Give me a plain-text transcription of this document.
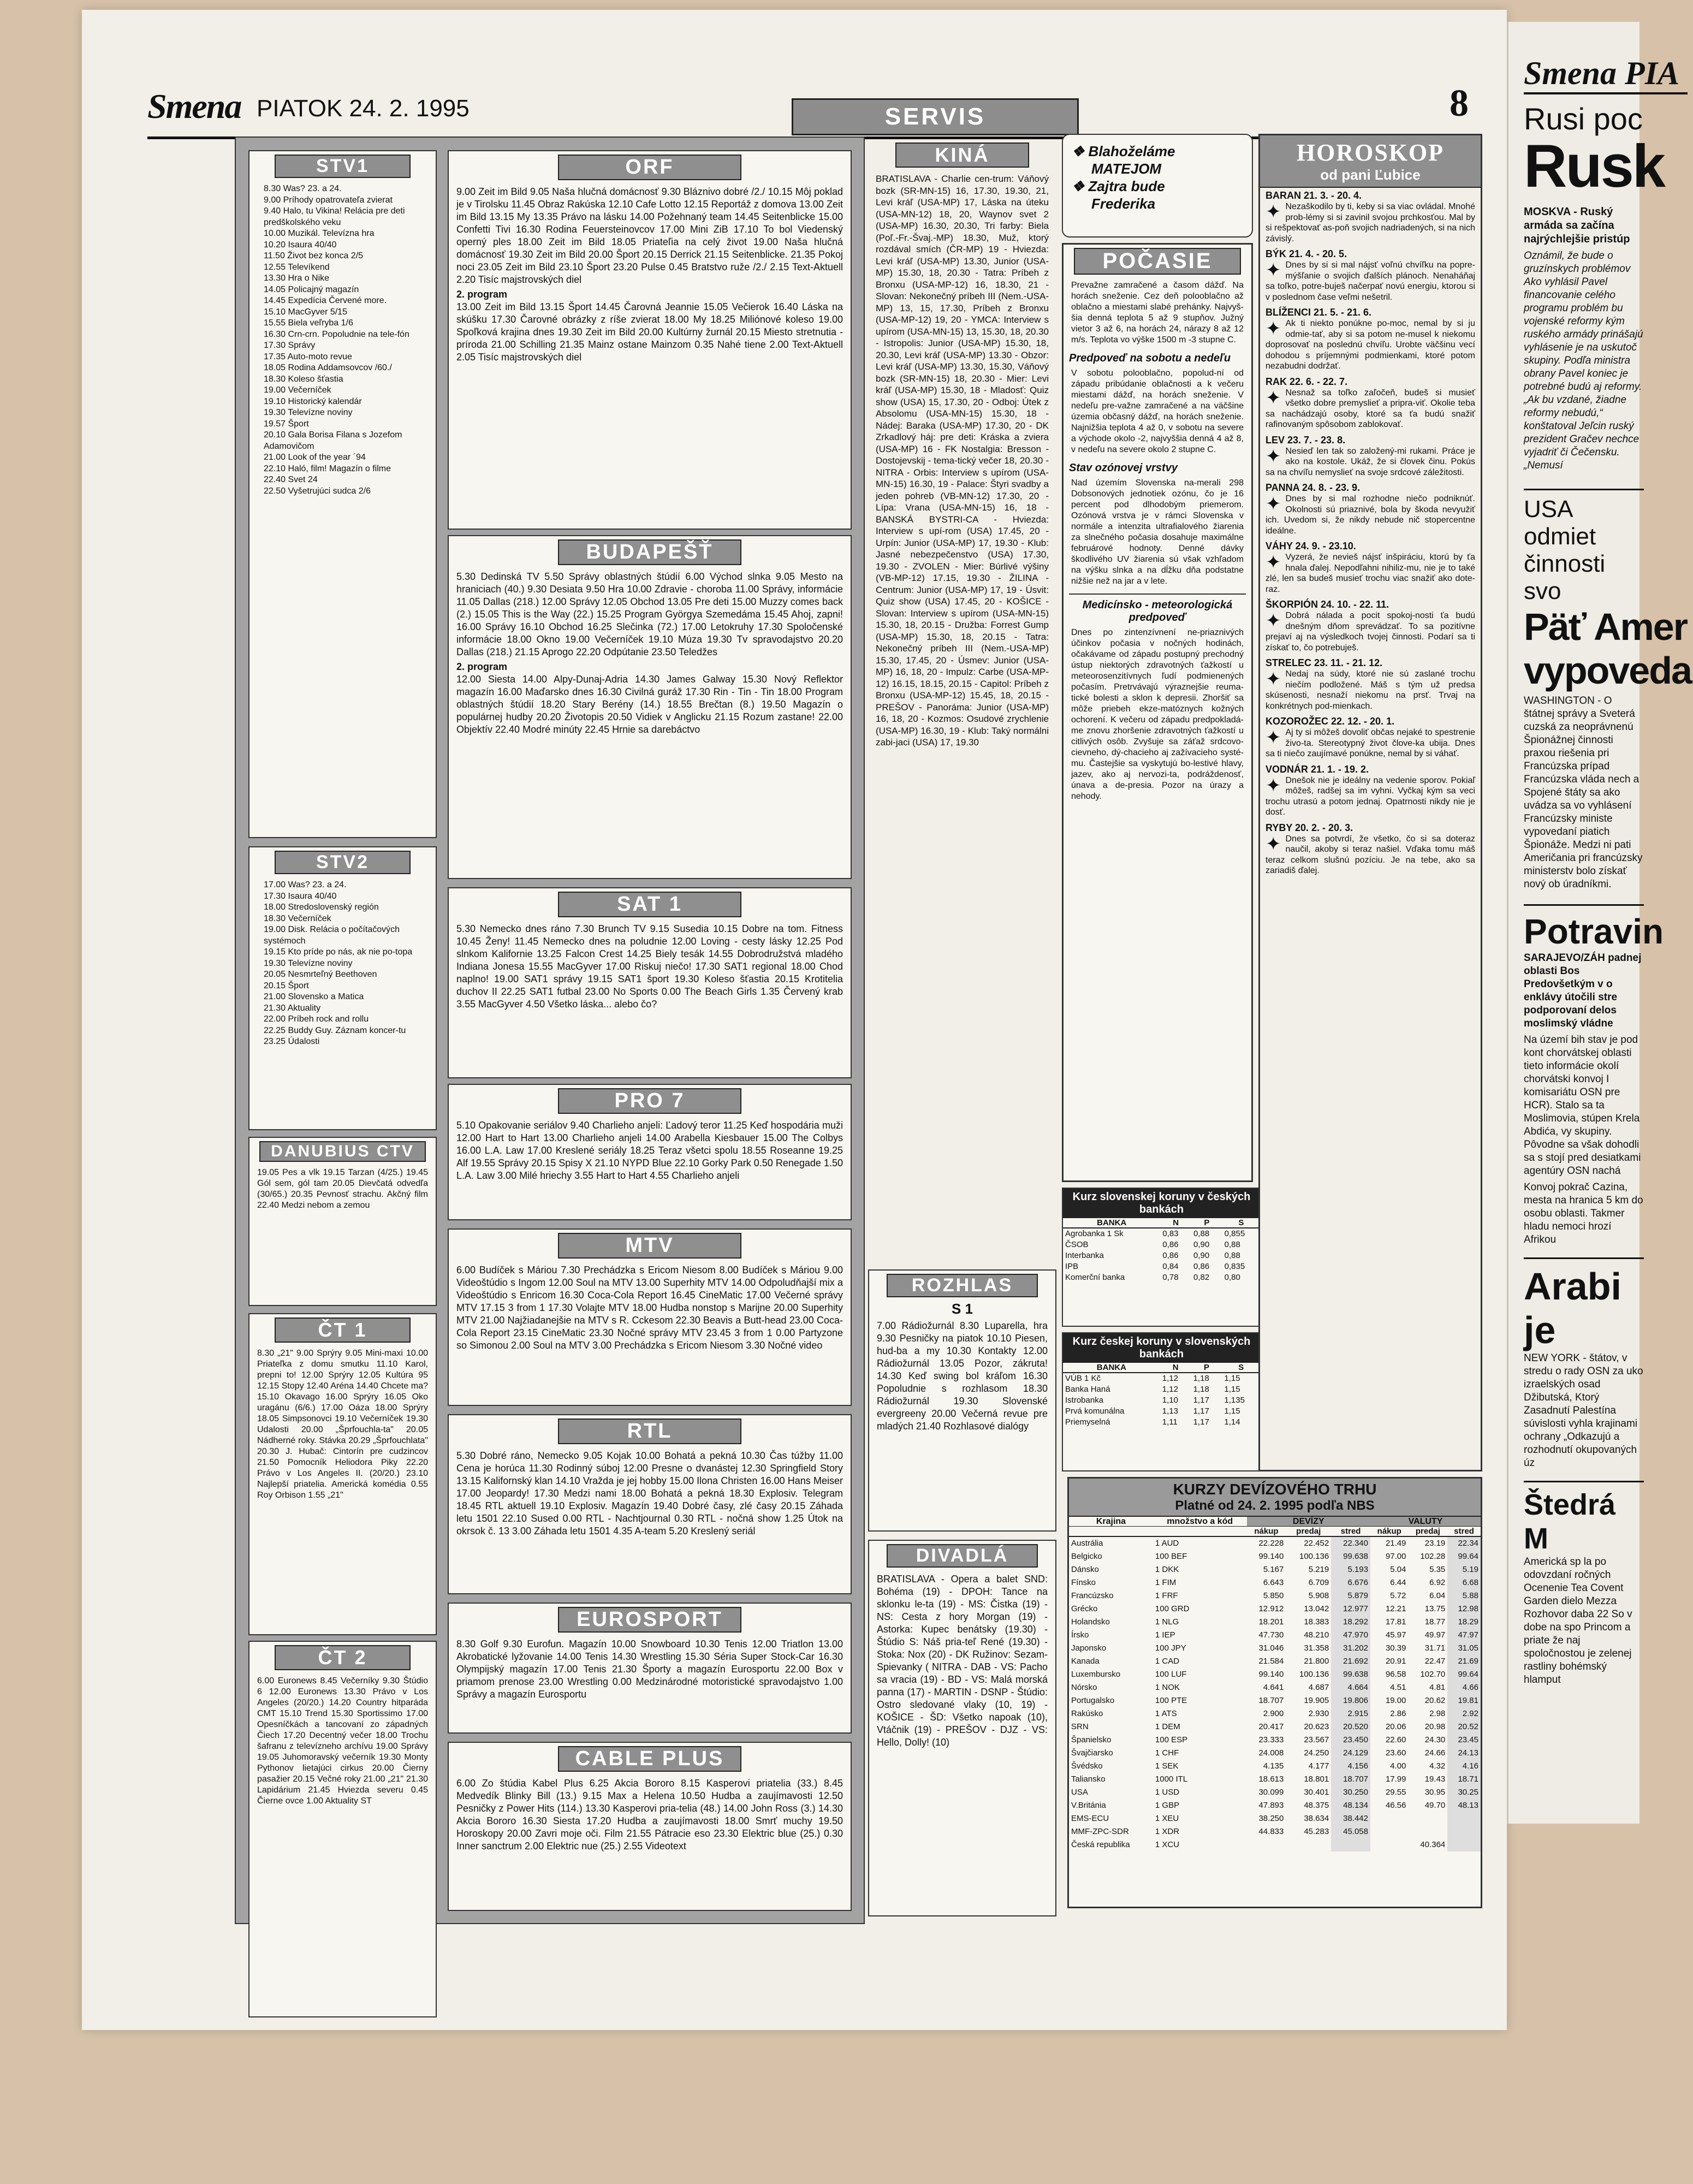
Smena PIA
Rusi poc
Rusk
MOSKVA - Ruský armáda sa začína najrýchlejšie pristúp
Oznámil, že bude o gruzínskych problémov Ako vyhlásil Pavel financovanie celého programu problém bu vojenské reformy kým ruského armády prinášajú vyhlásenie je na uskutoč skupiny. Podľa ministra obrany Pavel koniec je potrebné budú aj reformy. „Ak bu vzdané, žiadne reformy nebudú,“ konštatoval Jeľcin ruský prezident Gračev nechce vyjadriť či Čečensku.„Nemusí
USA odmiet činnosti svo
Päť Amer vypoveda
WASHINGTON - O štátnej správy a Sveterá cuzská za neoprávnenú Špionážnej činnosti praxou riešenia pri Francúzska prípad Francúzska vláda nech a Spojené štáty sa ako uvádza sa vo vyhlásení Francúzsky ministe vypovedaní piatich Špionáže. Medzi ni pati Američania pri francúzsky ministerstv bolo získať nový ob úradníkmi.
Potravin
SARAJEVO/ZÁH padnej oblasti Bos Predovšetkým v o enklávy útočili stre podporovaní delos moslimský vládne
Na území bih stav je pod kont chorvátskej oblasti tieto informácie okolí chorvátski konvoj I komisariátu OSN pre HCR). Stalo sa ta Moslimovia, stúpen Krela Abdića, vy skupiny. Pôvodne sa však dohodli sa s stojí pred desiatkami agentúry OSN nachá
Konvoj pokrač Cazina, mesta na hranica 5 km do osobu oblasti. Takmer hladu nemoci hrozí Afrikou
Arabi je
NEW YORK - štátov, v stredu o rady OSN za uko izraelských osad Džibutská, Ktorý Zasadnutí Palestína súvislosti vyhla krajinami ochrany „Odkazujú a rozhodnutí okupovaných úz
Štedrá M
Americká sp la po odovzdaní ročných Ocenenie Tea Covent Garden dielo Mezza Rozhovor daba 22 So v dobe na spo Princom a priate že naj spoločnostou je zelenej rastliny bohémský hlamput
Smena PIATOK 24. 2. 1995	SERVIS	8
STV1
8.30 Was? 23. a 24.
9.00 Príhody opatrovateľa zvierat
9.40 Halo, tu Vikina! Relácia pre deti predškolského veku
10.00 Muzikál. Televízna hra
10.20 Isaura 40/40
11.50 Život bez konca 2/5
12.55 Televíkend
13.30 Hra o Nike
14.05 Policajný magazín
14.45 Expedícia Červené more.
15.10 MacGyver 5/15
15.55 Biela veľryba 1/6
16.30 Crn-crn. Popoludnie na tele-fón
17.30 Správy
17.35 Auto-moto revue
18.05 Rodina Addamsovcov /60./
18.30 Koleso šťastia
19.00 Večerníček
19.10 Historický kalendár
19.30 Televízne noviny
19.57 Šport
20.10 Gala Borisa Filana s Jozefom Adamovičom
21.00 Look of the year ´94
22.10 Haló, film! Magazín o filme
22.40 Svet 24
22.50 Vyšetrujúci sudca 2/6
STV2
17.00 Was? 23. a 24.
17.30 Isaura 40/40
18.00 Stredoslovenský región
18.30 Večerníček
19.00 Disk. Relácia o počítačových systémoch
19.15 Kto príde po nás, ak nie po-topa
19.30 Televízne noviny
20.05 Nesmrteľný Beethoven
20.15 Šport
21.00 Slovensko a Matica
21.30 Aktuality
22.00 Príbeh rock and rollu
22.25 Buddy Guy. Záznam koncer-tu
23.25 Údalosti
DANUBIUS CTV
19.05 Pes a vlk 19.15 Tarzan (4/25.) 19.45 Gól sem, gól tam 20.05 Dievčatá odvedľa (30/65.) 20.35 Pevnosť strachu. Akčný film 22.40 Medzi nebom a zemou
ČT 1
8.30 „21" 9.00 Sprýry 9.05 Mini-maxi 10.00 Priateľka z domu smutku 11.10 Karol, prepni to! 12.00 Sprýry 12.05 Kultúra 95 12.15 Stopy 12.40 Aréna 14.40 Chcete ma? 15.10 Okavago 16.00 Sprýry 16.05 Oko uragánu (6/6.) 17.00 Oáza 18.00 Sprýry 18.05 Simpsonovci 19.10 Večerníček 19.30 Udalosti 20.00 „Šprfouchla-ta" 20.05 Nádherné roky. Stávka 20.29 „Šprfouchlata" 20.30 J. Hubač: Cintorín pre cudzincov 21.50 Pomocník Heliodora Piky 22.20 Právo v Los Angeles II. (20/20.) 23.10 Najlepší priatelia. Americká komédia 0.55 Roy Orbison 1.55 „21"
ČT 2
6.00 Euronews 8.45 Večerníky 9.30 Štúdio 6 12.00 Euronews 13.30 Právo v Los Angeles (20/20.) 14.20 Country hitparáda CMT 15.10 Trend 15.30 Sportissimo 17.00 Opesníčkách a tancovaní zo západných Čiech 17.20 Decentný večer 18.00 Trochu šafranu z televízneho archívu 19.00 Správy 19.05 Juhomoravský večerník 19.30 Monty Pythonov lietajúci cirkus 20.00 Čierny pasažier 20.15 Večné roky 21.00 „21" 21.30 Lapidárium 21.45 Hviezda severu 0.45 Čierne ovce 1.00 Aktuality ST
ORF
9.00 Zeit im Bild 9.05 Naša hlučná domácnosť 9.30 Bláznivo dobré /2./ 10.15 Môj poklad je v Tirolsku 11.45 Obraz Rakúska 12.10 Cafe Lotto 12.15 Reportáž z domova 13.00 Zeit im Bild 13.15 My 13.35 Právo na lásku 14.00 Požehnaný team 14.45 Seitenblicke 15.00 Confetti Tivi 16.30 Rodina Feuersteinovcov 17.00 Mini ZiB 17.10 To bol Viedenský operný ples 18.00 Zeit im Bild 18.05 Priateľia na celý život 19.00 Naša hlučná domácnosť 19.30 Zeit im Bild 20.00 Šport 20.15 Derrick 21.15 Seitenblicke. 21.35 Pokoj noci 23.05 Zeit im Bild 23.10 Šport 23.20 Pulse 0.45 Bratstvo ruže /2./ 2.15 Text-Aktuell 2.20 Tisíc majstrovských diel
2. program
13.00 Zeit im Bild 13.15 Šport 14.45 Čarovná Jeannie 15.05 Večierok 16.40 Láska na skúšku 17.30 Čarovné obrázky z ríše zvierat 18.00 My 18.25 Miliónové koleso 19.00 Spoľková krajina dnes 19.30 Zeit im Bild 20.00 Kultúrny žurnál 20.15 Miesto stretnutia - príroda 21.00 Schilling 21.35 Mainz ostane Mainzom 0.35 Nahé tiene 2.00 Text-Aktuell 2.05 Tisíc majstrovských diel
BUDAPEŠŤ
5.30 Dedinská TV 5.50 Správy oblastných štúdií 6.00 Východ slnka 9.05 Mesto na hraniciach (40.) 9.30 Desiata 9.50 Hra 10.00 Zdravie - choroba 11.00 Správy, informácie 11.05 Dallas (218.) 12.00 Správy 12.05 Obchod 13.05 Pre deti 15.00 Muzzy comes back (2.) 15.05 This is the Way (22.) 15.25 Program Györgya Szemedáma 15.45 Ahoj, zapni! 16.00 Správy 16.10 Obchod 16.25 Slečinka (72.) 17.00 Letokruhy 17.30 Spoločenské informácie 18.00 Okno 19.00 Večerníček 19.10 Múza 19.30 Tv spravodajstvo 20.20 Dallas (218.) 21.15 Aprogo 22.20 Odpútanie 23.50 Teledžes
2. program
12.00 Siesta 14.00 Alpy-Dunaj-Adria 14.30 James Galway 15.30 Nový Reflektor magazín 16.00 Maďarsko dnes 16.30 Civilná guráž 17.30 Rin - Tin - Tin 18.00 Program oblastných štúdií 18.20 Stary Berény (14.) 18.55 Brečtan (8.) 19.50 Magazín o populárnej hudby 20.20 Životopis 20.50 Vidiek v Anglicku 21.15 Rozum zastane! 22.00 Objektív 22.40 Modré minúty 22.45 Hrnie sa darebáctvo
SAT 1
5.30 Nemecko dnes ráno 7.30 Brunch TV 9.15 Susedia 10.15 Dobre na tom. Fitness 10.45 Ženy! 11.45 Nemecko dnes na poludnie 12.00 Loving - cesty lásky 12.25 Pod slnkom Kalifornie 13.25 Falcon Crest 14.25 Biely tesák 14.55 Dobrodružstvá mladého Indiana Jonesa 15.55 MacGyver 17.00 Riskuj niečo! 17.30 SAT1 regional 18.00 Chod naplno! 19.00 SAT1 správy 19.15 SAT1 šport 19.30 Koleso šťastia 20.15 Krotitelia duchov II 22.25 SAT1 futbal 23.00 No Sports 0.00 The Beach Girls 1.35 Červený krab 3.55 MacGyver 4.50 Všetko láska... alebo čo?
PRO 7
5.10 Opakovanie seriálov 9.40 Charlieho anjeli: Ľadový teror 11.25 Keď hospodária muži 12.00 Hart to Hart 13.00 Charlieho anjeli 14.00 Arabella Kiesbauer 15.00 The Colbys 16.00 L.A. Law 17.00 Kreslené seriály 18.25 Teraz všetci spolu 18.55 Roseanne 19.25 Alf 19.55 Správy 20.15 Spisy X 21.10 NYPD Blue 22.10 Gorky Park 0.50 Renegade 1.50 L.A. Law 3.00 Milé hriechy 3.55 Hart to Hart 4.55 Charlieho anjeli
MTV
6.00 Budíček s Máriou 7.30 Prechádzka s Ericom Niesom 8.00 Budíček s Máriou 9.00 Videoštúdio s Ingom 12.00 Soul na MTV 13.00 Superhity MTV 14.00 Odpoludňajší mix a Videoštúdio s Enricom 16.30 Coca-Cola Report 16.45 CineMatic 17.00 Večerné správy MTV 17.15 3 from 1 17.30 Volajte MTV 18.00 Hudba nonstop s Marijne 20.00 Superhity MTV 21.00 Najžiadanejšie na MTV s R. Cckesom 22.30 Beavis a Butt-head 23.00 Coca-Cola Report 23.15 CineMatic 23.30 Nočné správy MTV 23.45 3 from 1 0.00 Partyzone so Simonou 2.00 Soul na MTV 3.00 Prechádzka s Ericom Niesom 3.30 Nočné video
RTL
5.30 Dobré ráno, Nemecko 9.05 Kojak 10.00 Bohatá a pekná 10.30 Čas túžby 11.00 Cena je horúca 11.30 Rodinný súboj 12.00 Presne o dvanástej 12.30 Springfield Story 13.15 Kalifornský klan 14.10 Vražda je jej hobby 15.00 Ilona Christen 16.00 Hans Meiser 17.00 Jeopardy! 17.30 Medzi nami 18.00 Bohatá a pekná 18.30 Explosiv. Telegram 18.45 RTL aktuell 19.10 Explosiv. Magazín 19.40 Dobré časy, zlé časy 20.15 Záhada letu 1501 22.10 Sused 0.00 RTL - Nachtjournal 0.30 RTL - nočná show 1.25 Útok na okrsok č. 13 3.00 Záhada letu 1501 4.35 A-team 5.20 Kreslený seriál
EUROSPORT
8.30 Golf 9.30 Eurofun. Magazín 10.00 Snowboard 10.30 Tenis 12.00 Triatlon 13.00 Akrobatické lyžovanie 14.00 Tenis 14.30 Wrestling 15.30 Séria Super Stock-Car 16.30 Olympijský magazín 17.00 Tenis 21.30 Športy a magazín Eurosportu 22.00 Box v priamom prenose 23.00 Wrestling 0.00 Medzinárodné motoristické spravodajstvo 1.00 Správy a magazín Eurosportu
CABLE PLUS
6.00 Zo štúdia Kabel Plus 6.25 Akcia Bororo 8.15 Kasperovi priatelia (33.) 8.45 Medvedík Blinky Bill (13.) 9.15 Max a Helena 10.50 Hudba a zaujímavosti 12.50 Pesničky z Power Hits (114.) 13.30 Kasperovi pria-telia (48.) 14.00 John Ross (3.) 14.30 Akcia Bororo 16.30 Siesta 17.20 Hudba a zaujímavosti 18.00 Smrť muchy 19.50 Horoskopy 20.00 Zavri moje oči. Film 21.55 Pátracie eso 23.30 Elektric blue (25.) 0.30 Inner sanctrum 2.00 Elektric nue (25.) 2.55 Videotext
KINÁ
BRATISLAVA - Charlie cen-trum: Váňový bozk (SR-MN-15) 16, 17.30, 19.30, 21, Levi kráľ (USA-MP) 17, Láska na úteku (USA-MN-12) 18, 20, Waynov svet 2 (USA-MP) 16.30, 20.30, Tri farby: Biela (Poľ.-Fr.-Švaj.-MP) 18.30, Muž, ktorý rozdával smích (ČR-MP) 19 - Hviezda: Levi kráľ (USA-MP) 13.30, Junior (USA-MP) 15.30, 18, 20.30 - Tatra: Príbeh z Bronxu (USA-MP-12) 16, 18.30, 21 - Slovan: Nekonečný príbeh III (Nem.-USA-MP) 13, 15, 17.30, Príbeh z Bronxu (USA-MP-12) 19, 20 - YMCA: Interview s upírom (USA-MN-15) 13, 15.30, 18, 20.30 - Istropolis: Junior (USA-MP) 15.30, 18, 20.30, Levi kráľ (USA-MP) 13.30 - Obzor: Levi kráľ (USA-MP) 13.30, 15.30, Váňový bozk (SR-MN-15) 18, 20.30 - Mier: Levi kráľ (USA-MP) 15.30, 18 - Mladosť: Quiz show (USA) 15, 17.30, 20 - Odboj: Útek z Absolomu (USA-MN-15) 15.30, 18 - Nádej: Baraka (USA-MP) 17.30, 20 - DK Zrkadlový háj: pre deti: Kráska a zviera (USA-MP) 16 - FK Nostalgia: Bresson - Dostojevskij - tema-tický večer 18, 20.30 - NITRA - Orbis: Interview s upírom (USA-MN-15) 16.30, 19 - Palace: Štyri svadby a jeden pohreb (VB-MN-12) 17.30, 20 - Lípa: Vrana (USA-MN-15) 16, 18 - BANSKÁ BYSTRI-CA - Hviezda: Interview s upí-rom (USA) 17.45, 20 - Urpín: Junior (USA-MP) 17, 19.30 - Klub: Jasné nebezpečenstvo (USA) 17.30, 19.30 - ZVOLEN - Mier: Búrlivé výšiny (VB-MP-12) 17.15, 19.30 - ŽILINA - Centrum: Junior (USA-MP) 17, 19 - Úsvit: Quiz show (USA) 17.45, 20 - KOŠICE - Slovan: Interview s upírom (USA-MN-15) 15.30, 18, 20.15 - Družba: Forrest Gump (USA-MP) 15.30, 18, 20.15 - Tatra: Nekonečný príbeh III (Nem.-USA-MP) 15.30, 17.45, 20 - Úsmev: Junior (USA-MP) 16, 18, 20 - Impulz: Carbe (USA-MP-12) 16.15, 18.15, 20.15 - Capitol: Príbeh z Bronxu (USA-MP-12) 15.45, 18, 20.15 - PREŠOV - Panoráma: Junior (USA-MP) 16, 18, 20 - Kozmos: Osudové zrychlenie (USA-MP) 16.30, 19 - Klub: Taký normálni zabi-jaci (USA) 17, 19.30
ROZHLAS
S 1
7.00 Rádiožurnál 8.30 Luparella, hra 9.30 Pesničky na piatok 10.10 Piesen, hud-ba a my 10.30 Kontakty 12.00 Rádiožurnál 13.05 Pozor, zákruta! 14.30 Keď swing bol kráľom 16.30 Popoludnie s rozhlasom 18.30 Rádiožurnál 19.30 Slovenské evergreeny 20.00 Večerná revue pre mladých 21.40 Rozhlasové dialógy
DIVADLÁ
BRATISLAVA - Opera a balet SND: Bohéma (19) - DPOH: Tance na sklonku le-ta (19) - MS: Čistka (19) - NS: Cesta z hory Morgan (19) - Astorka: Kupec benátsky (19.30) - Štúdio S: Náš pria-teľ René (19.30) - Stoka: Nox (20) - DK Ružinov: Sezam-Spievanky ( NITRA - DAB - VS: Pacho sa vracia (19) - BD - VS: Malá morská panna (17) - MARTIN - DSNP - Štúdio: Ostro sledované vlaky (10, 19) - KOŠICE - ŠD: Všetko napoak (10), Vtáčnik (19) - PREŠOV - DJZ - VS: Hello, Dolly! (10)
❖ Blahoželáme
MATEJOM
❖ Zajtra bude
Frederika
POČASIE
Prevažne zamračené a časom dážď. Na horách sneženie. Cez deň polooblačno až oblačno a miestami slabé prehánky. Najvyš-šia denná teplota 5 až 9 stupňov. Južný vietor 3 až 6, na horách 24, nárazy 8 až 12 m/s. Teplota vo výške 1500 m -3 stupne C.
Predpoveď na sobotu a nedeľu
V sobotu polooblačno, popolud-ní od západu pribúdanie oblačnosti a k večeru miestami dážď, na horách sneženie. V nedeľu pre-važne zamračené a na väčšine územia občasný dážď, na horách sneženie. Najnižšia teplota 4 až 0, v sobotu na severe a východe okolo -2, najvyššia denná 4 až 8, v nedeľu na severe okolo 2 stupne C.
Stav ozónovej vrstvy
Nad územím Slovenska na-merali 298 Dobsonových jednotiek ozónu, čo je 16 percent pod dlhodobým priemerom. Ozónová vrstva je v rámci Slovenska v normále a intenzita ultrafialového žiarenia za slnečného počasia dosahuje maximálne februárové hodnoty. Denné dávky škodlivého UV žiarenia sú však vzhľadom na výšku slnka a na dĺžku dňa podstatne nižšie než na jar a v lete.
Medicínsko - meteorologická predpoveď
Dnes po zintenzívnení ne-priaznivých účinkov počasia v nočných hodinách, očakávame od západu postupný prechodný ústup niektorých zdravotných ťažkostí u meteorosenzitívnych ľudí podmienených počasím. Pretrvávajú výraznejšie reuma-tické bolesti a sklon k depresii. Zhoršiť sa môže priebeh ekze-matóznych kožných ochorení. K večeru od západu predpokladá-me znovu zhoršenie zdravotných ťažkostí u citlivých osôb. Zvyšuje sa záťaž srdcovo-cievneho, dý-chacieho aj zažívacieho systé-mu. Častejšie sa vyskytujú bo-lestivé hlavy, jazev, ako aj nervozi-ta, podráždenosť, únava a de-presia. Pozor na úrazy a nehody.
Kurz slovenskej koruny v českých bankách
BANKA	N	P	S
Agrobanka 1 Sk	0,83	0,88	0,855
ČSOB	0,86	0,90	0,88
Interbanka	0,86	0,90	0,88
IPB	0,84	0,86	0,835
Komerční banka	0,78	0,82	0,80
Kurz českej koruny v slovenských bankách
BANKA	N	P	S
VÚB 1 Kč	1,12	1,18	1,15
Banka Haná	1,12	1,18	1,15
Istrobanka	1,10	1,17	1,135
Prvá komunálna	1,13	1,17	1,15
Priemyselná	1,11	1,17	1,14
HOROSKOP
od pani Ľubice
BARAN 21. 3. - 20. 4.
✦ Nezaškodilo by ti, keby si sa viac ovládal. Mnohé prob-lémy si si zavinil svojou prchkosťou. Mal by si rešpektovať as-poň svojich nadriadených, si na nich závislý.
BÝK 21. 4. - 20. 5.
✦ Dnes by si si mal nájsť voľnú chvíľku na popre-mýšľanie o svojich ďalších plánoch. Nenaháňaj sa toľko, potre-buješ načerpať novú energiu, ktorou si v poslednom čase veľmi nešetril.
BLÍŽENCI 21. 5. - 21. 6.
✦ Ak ti niekto ponúkne po-moc, nemal by si ju odmie-tať, aby si sa potom ne-musel k niekomu doprosovať na poslednú chvíľu. Urobte väčšinu vecí dohodou s príjemnými podmienkami, ktoré potom nezabudni dodržať.
RAK 22. 6. - 22. 7.
✦ Nesnaž sa toľko zaľočeň, budeš si musieť všetko dobre premyslieť a pripra-viť. Okolie teba sa nachádzajú osoby, ktoré sa ťa budú snažiť rafinovaným spôsobom zablokovať.
LEV 23. 7. - 23. 8.
✦ Nesieď len tak so založený-mi rukami. Práce je ako na kostole. Ukáž, že si človek činu. Pokús sa na chvíľu nemyslieť na svoje srdcové záležitosti.
PANNA 24. 8. - 23. 9.
✦ Dnes by si mal rozhodne niečo podniknúť. Okolnosti sú priaznivé, bola by škoda nevyužiť ich. Uvedom si, že nikdy nebude nič stopercentne ideálne.
VÁHY 24. 9. - 23.10.
✦ Vyzerá, že nevieš nájsť inšpiráciu, ktorú by ťa hnala ďalej. Nepodľahni nihiliz-mu, nie je to také zlé, len sa budeš musieť trochu viac snažiť ako dote-raz.
ŠKORPIÓN 24. 10. - 22. 11.
✦ Dobrá nálada a pocit spokoj-nosti ťa budú dnešným dňom sprevádzať. To sa pozitívne prejaví aj na výsledkoch tvojej činnosti. Podarí sa ti získať to, čo potrebuješ.
STRELEC 23. 11. - 21. 12.
✦ Nedaj na súdy, ktoré nie sú zaslané trochu niečím podložené. Máš s tým už predsa skúsenosti, nesnaží niekomu na prsť. Trvaj na konkrétnych pod-mienkach.
KOZOROŽEC 22. 12. - 20. 1.
✦ Aj ty si môžeš dovoliť občas nejaké to spestrenie živo-ta. Stereotypný život člove-ka ubija. Dnes sa ti niečo zaujímavé ponúkne, nemal by si váhať.
VODNÁR 21. 1. - 19. 2.
✦ Dnešok nie je ideálny na vedenie sporov. Pokiaľ môžeš, radšej sa im vyhni. Vyčkaj kým sa veci trochu utrasú a potom jednaj. Opatrnosti nikdy nie je dosť.
RYBY 20. 2. - 20. 3.
✦ Dnes sa potvrdí, že všetko, čo si sa doteraz naučil, akoby si teraz našiel. Vďaka tomu máš teraz celkom slušnú pozíciu. Je na tebe, ako sa zariadiš ďalej.
KURZY DEVÍZOVÉHO TRHU
Platné od 24. 2. 1995 podľa NBS
Krajina	množstvo a kód	DEVÍZY			VALUTY		
		nákup	predaj	stred	nákup	predaj	stred
Austrália	1 AUD	22.228	22.452	22.340	21.49	23.19	22.34
Belgicko	100 BEF	99.140	100.136	99.638	97.00	102.28	99.64
Dánsko	1 DKK	5.167	5.219	5.193	5.04	5.35	5.19
Fínsko	1 FIM	6.643	6.709	6.676	6.44	6.92	6.68
Francúzsko	1 FRF	5.850	5.908	5.879	5.72	6.04	5.88
Grécko	100 GRD	12.912	13.042	12.977	12.21	13.75	12.98
Holandsko	1 NLG	18.201	18.383	18.292	17.81	18.77	18.29
Írsko	1 IEP	47.730	48.210	47.970	45.97	49.97	47.97
Japonsko	100 JPY	31.046	31.358	31.202	30.39	31.71	31.05
Kanada	1 CAD	21.584	21.800	21.692	20.91	22.47	21.69
Luxembursko	100 LUF	99.140	100.136	99.638	96.58	102.70	99.64
Nórsko	1 NOK	4.641	4.687	4.664	4.51	4.81	4.66
Portugalsko	100 PTE	18.707	19.905	19.806	19.00	20.62	19.81
Rakúsko	1 ATS	2.900	2.930	2.915	2.86	2.98	2.92
SRN	1 DEM	20.417	20.623	20.520	20.06	20.98	20.52
Španielsko	100 ESP	23.333	23.567	23.450	22.60	24.30	23.45
Švajčiarsko	1 CHF	24.008	24.250	24.129	23.60	24.66	24.13
Švédsko	1 SEK	4.135	4.177	4.156	4.00	4.32	4.16
Taliansko	1000 ITL	18.613	18.801	18.707	17.99	19.43	18.71
USA	1 USD	30.099	30.401	30.250	29.55	30.95	30.25
V.Británia	1 GBP	47.893	48.375	48.134	46.56	49.70	48.13
EMS-ECU	1 XEU	38.250	38.634	38.442			
MMF-ZPC-SDR	1 XDR	44.833	45.283	45.058			
Česká republika	1 XCU					40.364	
